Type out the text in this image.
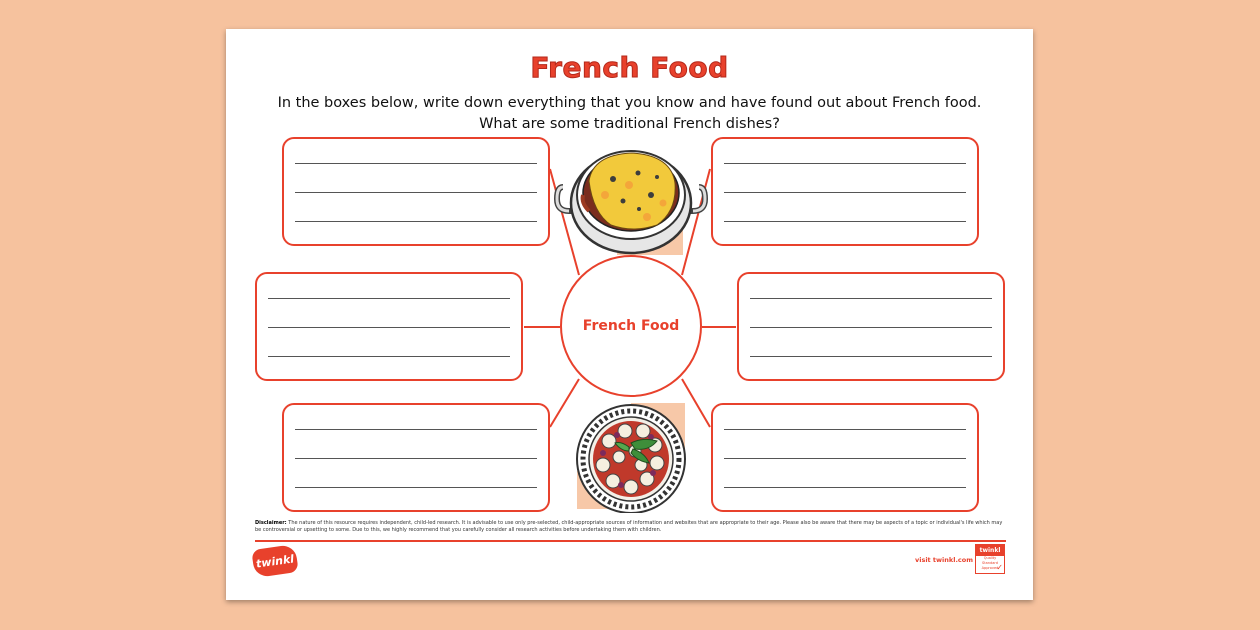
French Food
In the boxes below, write down everything that you know and have found out about French food.
What are some traditional French dishes?
French Food
Disclaimer: The nature of this resource requires independent, child-led research. It is advisable to use only pre-selected, child-appropriate sources of information and websites that are appropriate to their age. Please also be aware that there may be aspects of a topic or individual's life which may be controversial or upsetting to some. Due to this, we highly recommend that you carefully consider all research activities before undertaking them with children.
twinkl	visit twinkl.com
twinkl
Quality Standard Approved
✓
